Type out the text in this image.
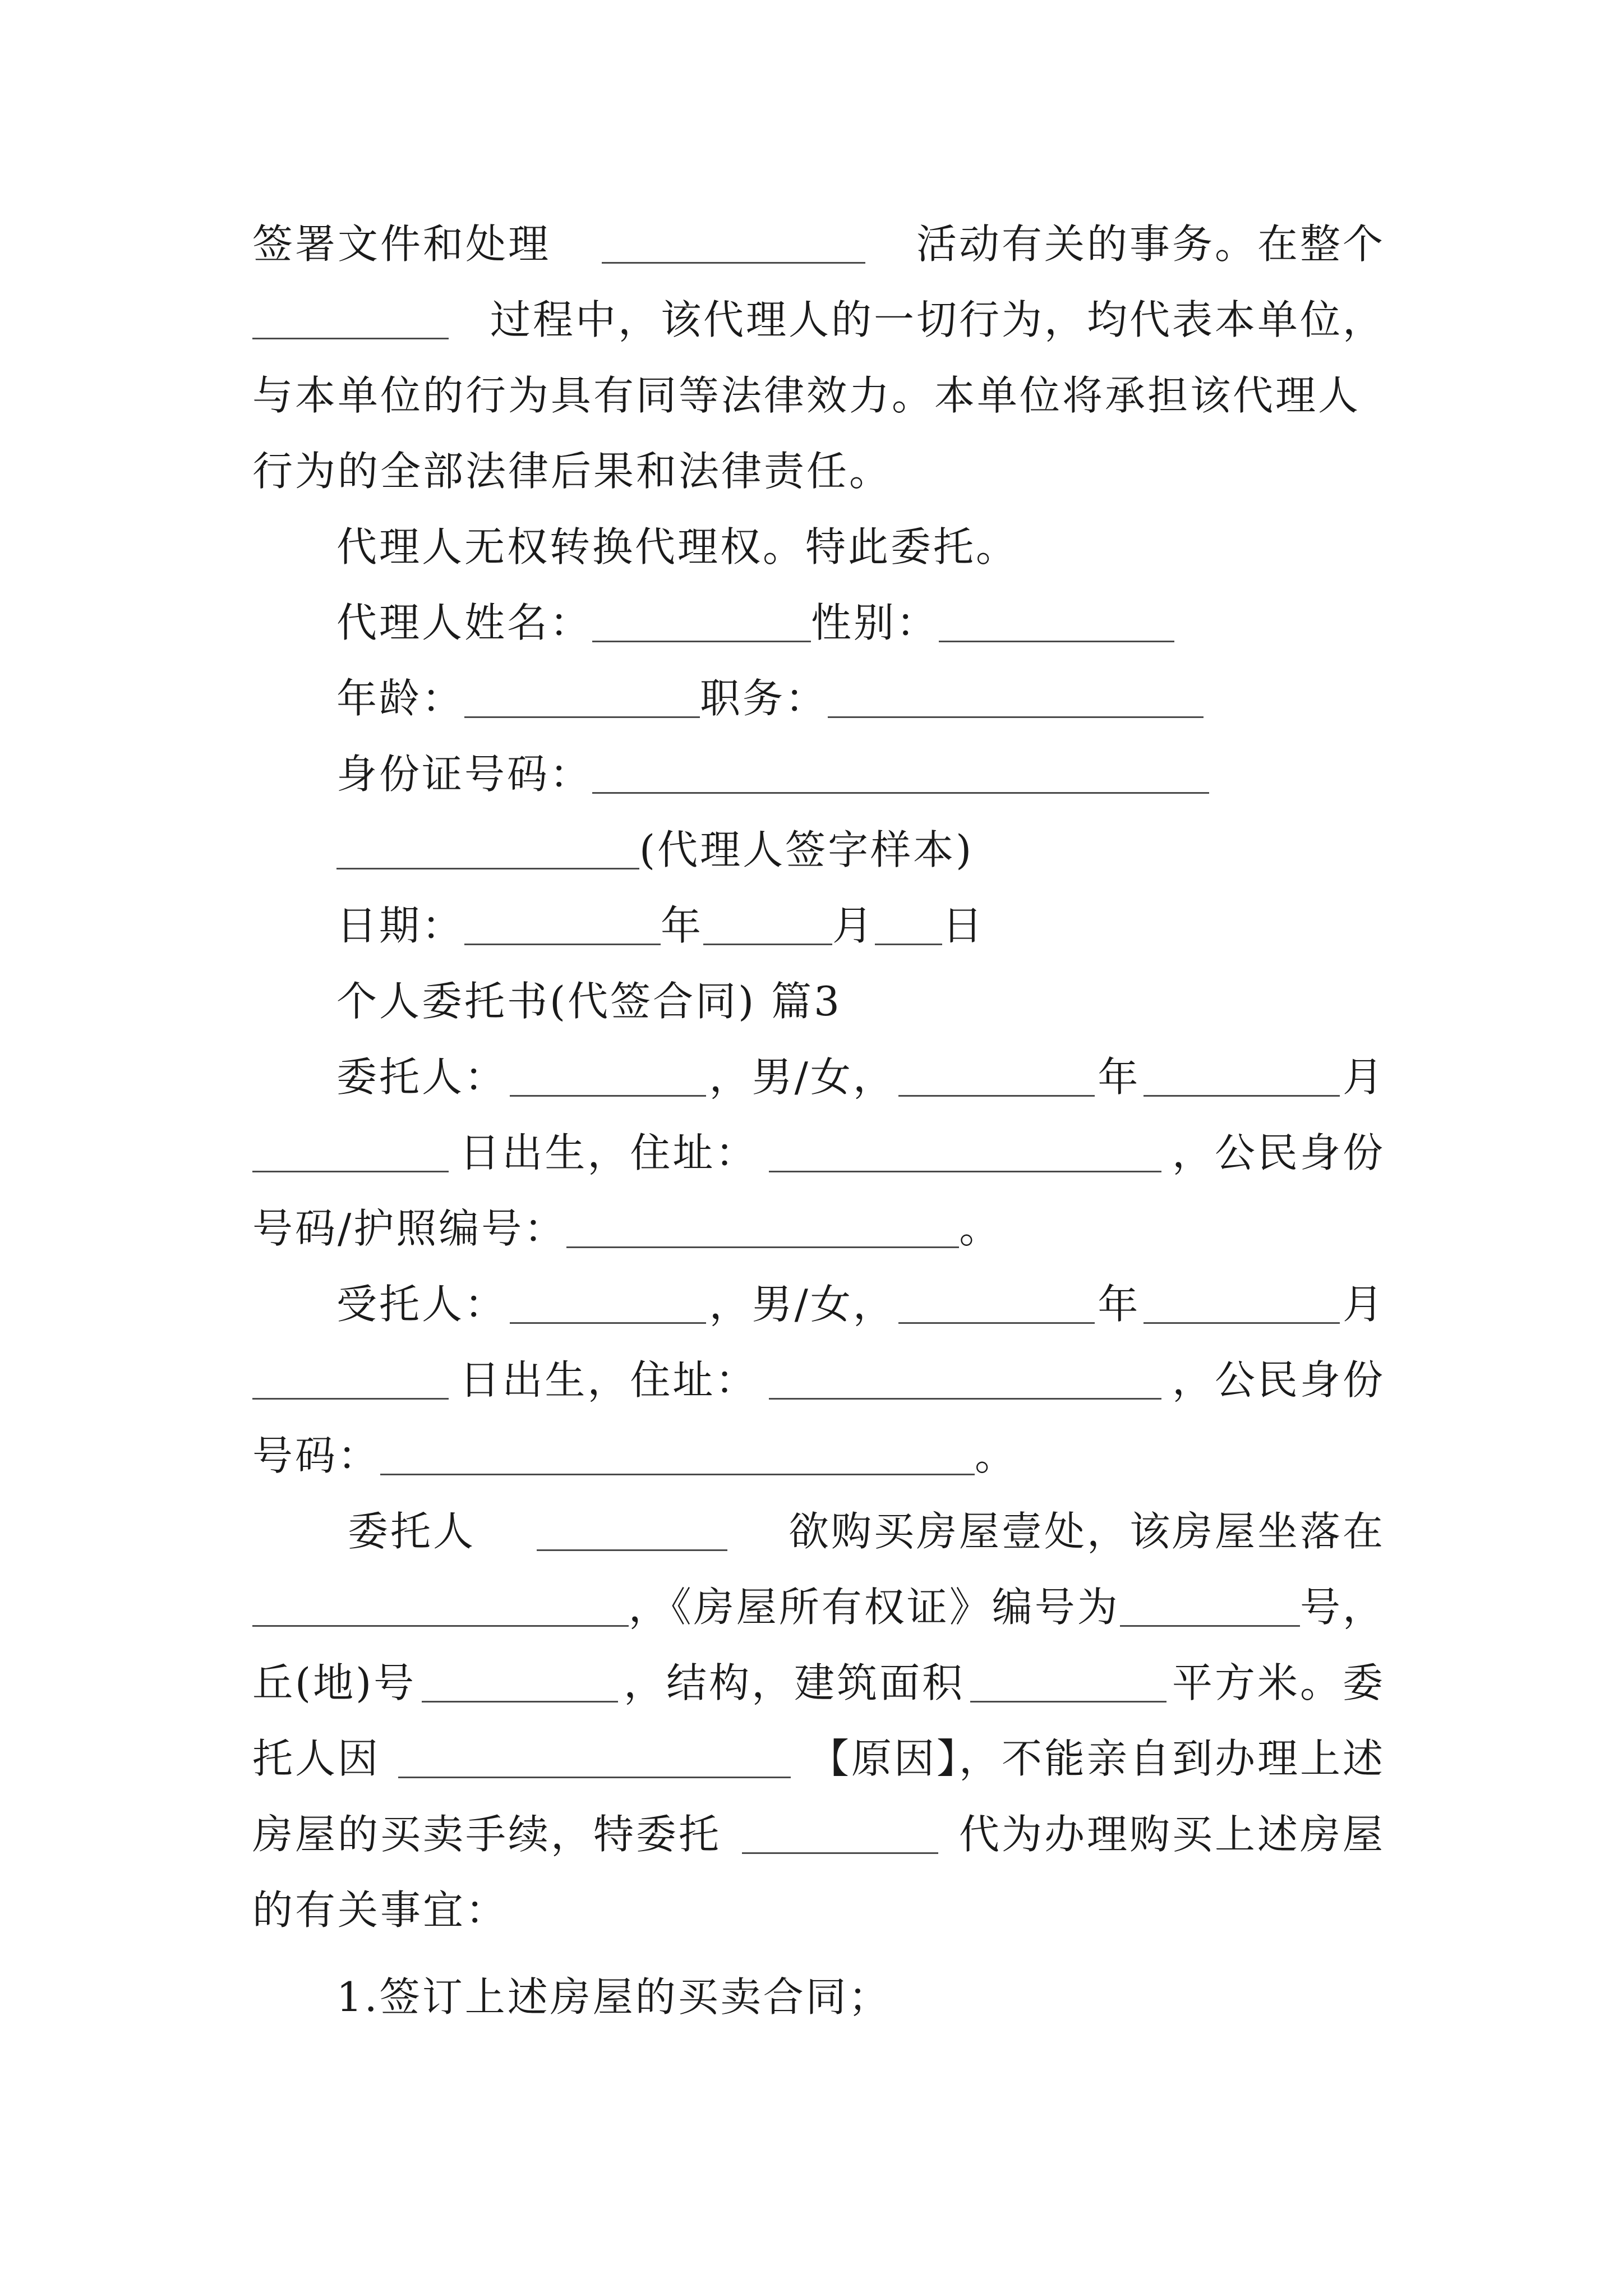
签署文件和处理	活动有关的事务。在整个
过程中，该代理人的一切行为，均代表本单位，
与本单位的行为具有同等法律效力。本单位将承担该代理人
行为的全部法律后果和法律责任。
代理人无权转换代理权。特此委托。
代理人姓名：	性别：
年龄：	职务：
身份证号码：
(代理人签字样本)
日期：	年	月 日
个人委托书(代签合同) 篇3
委托人：	，男/女，	年	月
日出生，住址：	，公民身份
号码/护照编号：	。
受托人：	，男/女，	年	月
日出生，住址：	，公民身份
号码：	。
委托人	欲购买房屋壹处，该房屋坐落在
，《房屋所有权证》编号为	号，
丘(地)号	，结构，建筑面积	平方米。委
托人因	【原因】，不能亲自到办理上述
房屋的买卖手续，特委托	代为办理购买上述房屋
的有关事宜：
1.签订上述房屋的买卖合同；
